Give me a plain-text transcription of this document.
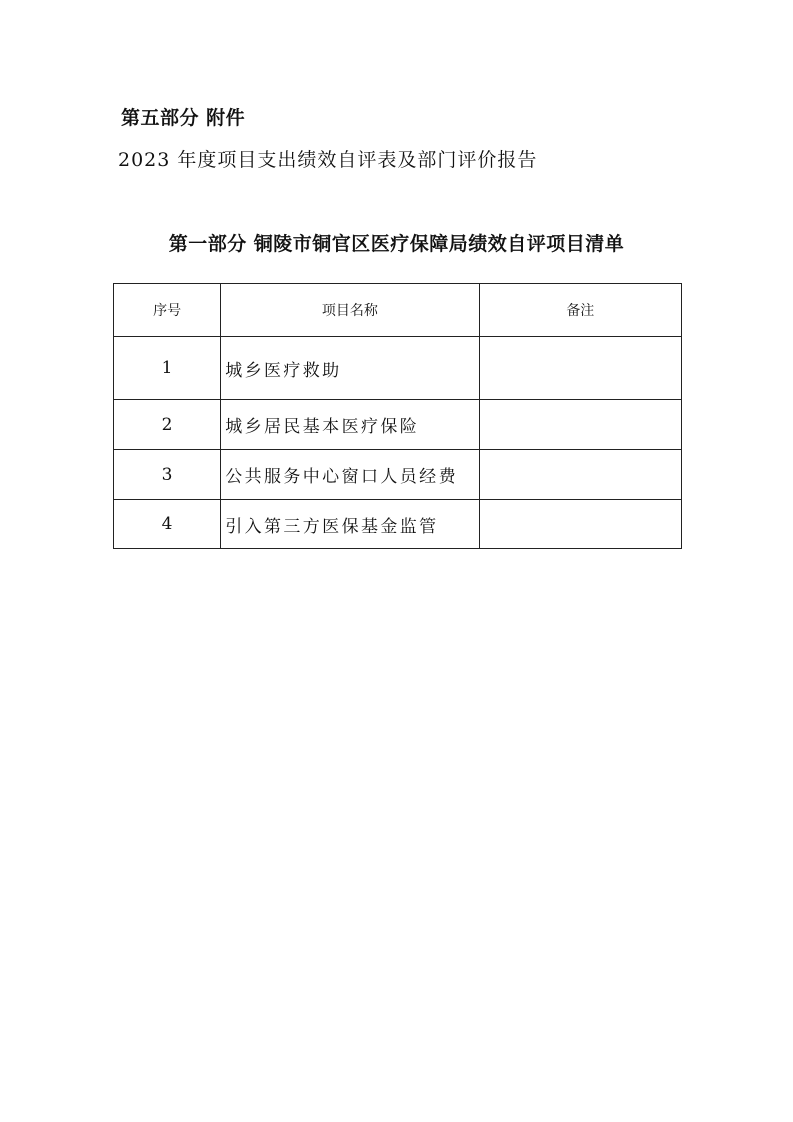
第五部分 附件
2023 年度项目支出绩效自评表及部门评价报告
第一部分 铜陵市铜官区医疗保障局绩效自评项目清单
序号	项目名称	备注
1	城乡医疗救助	
2	城乡居民基本医疗保险	
3	公共服务中心窗口人员经费	
4	引入第三方医保基金监管	
